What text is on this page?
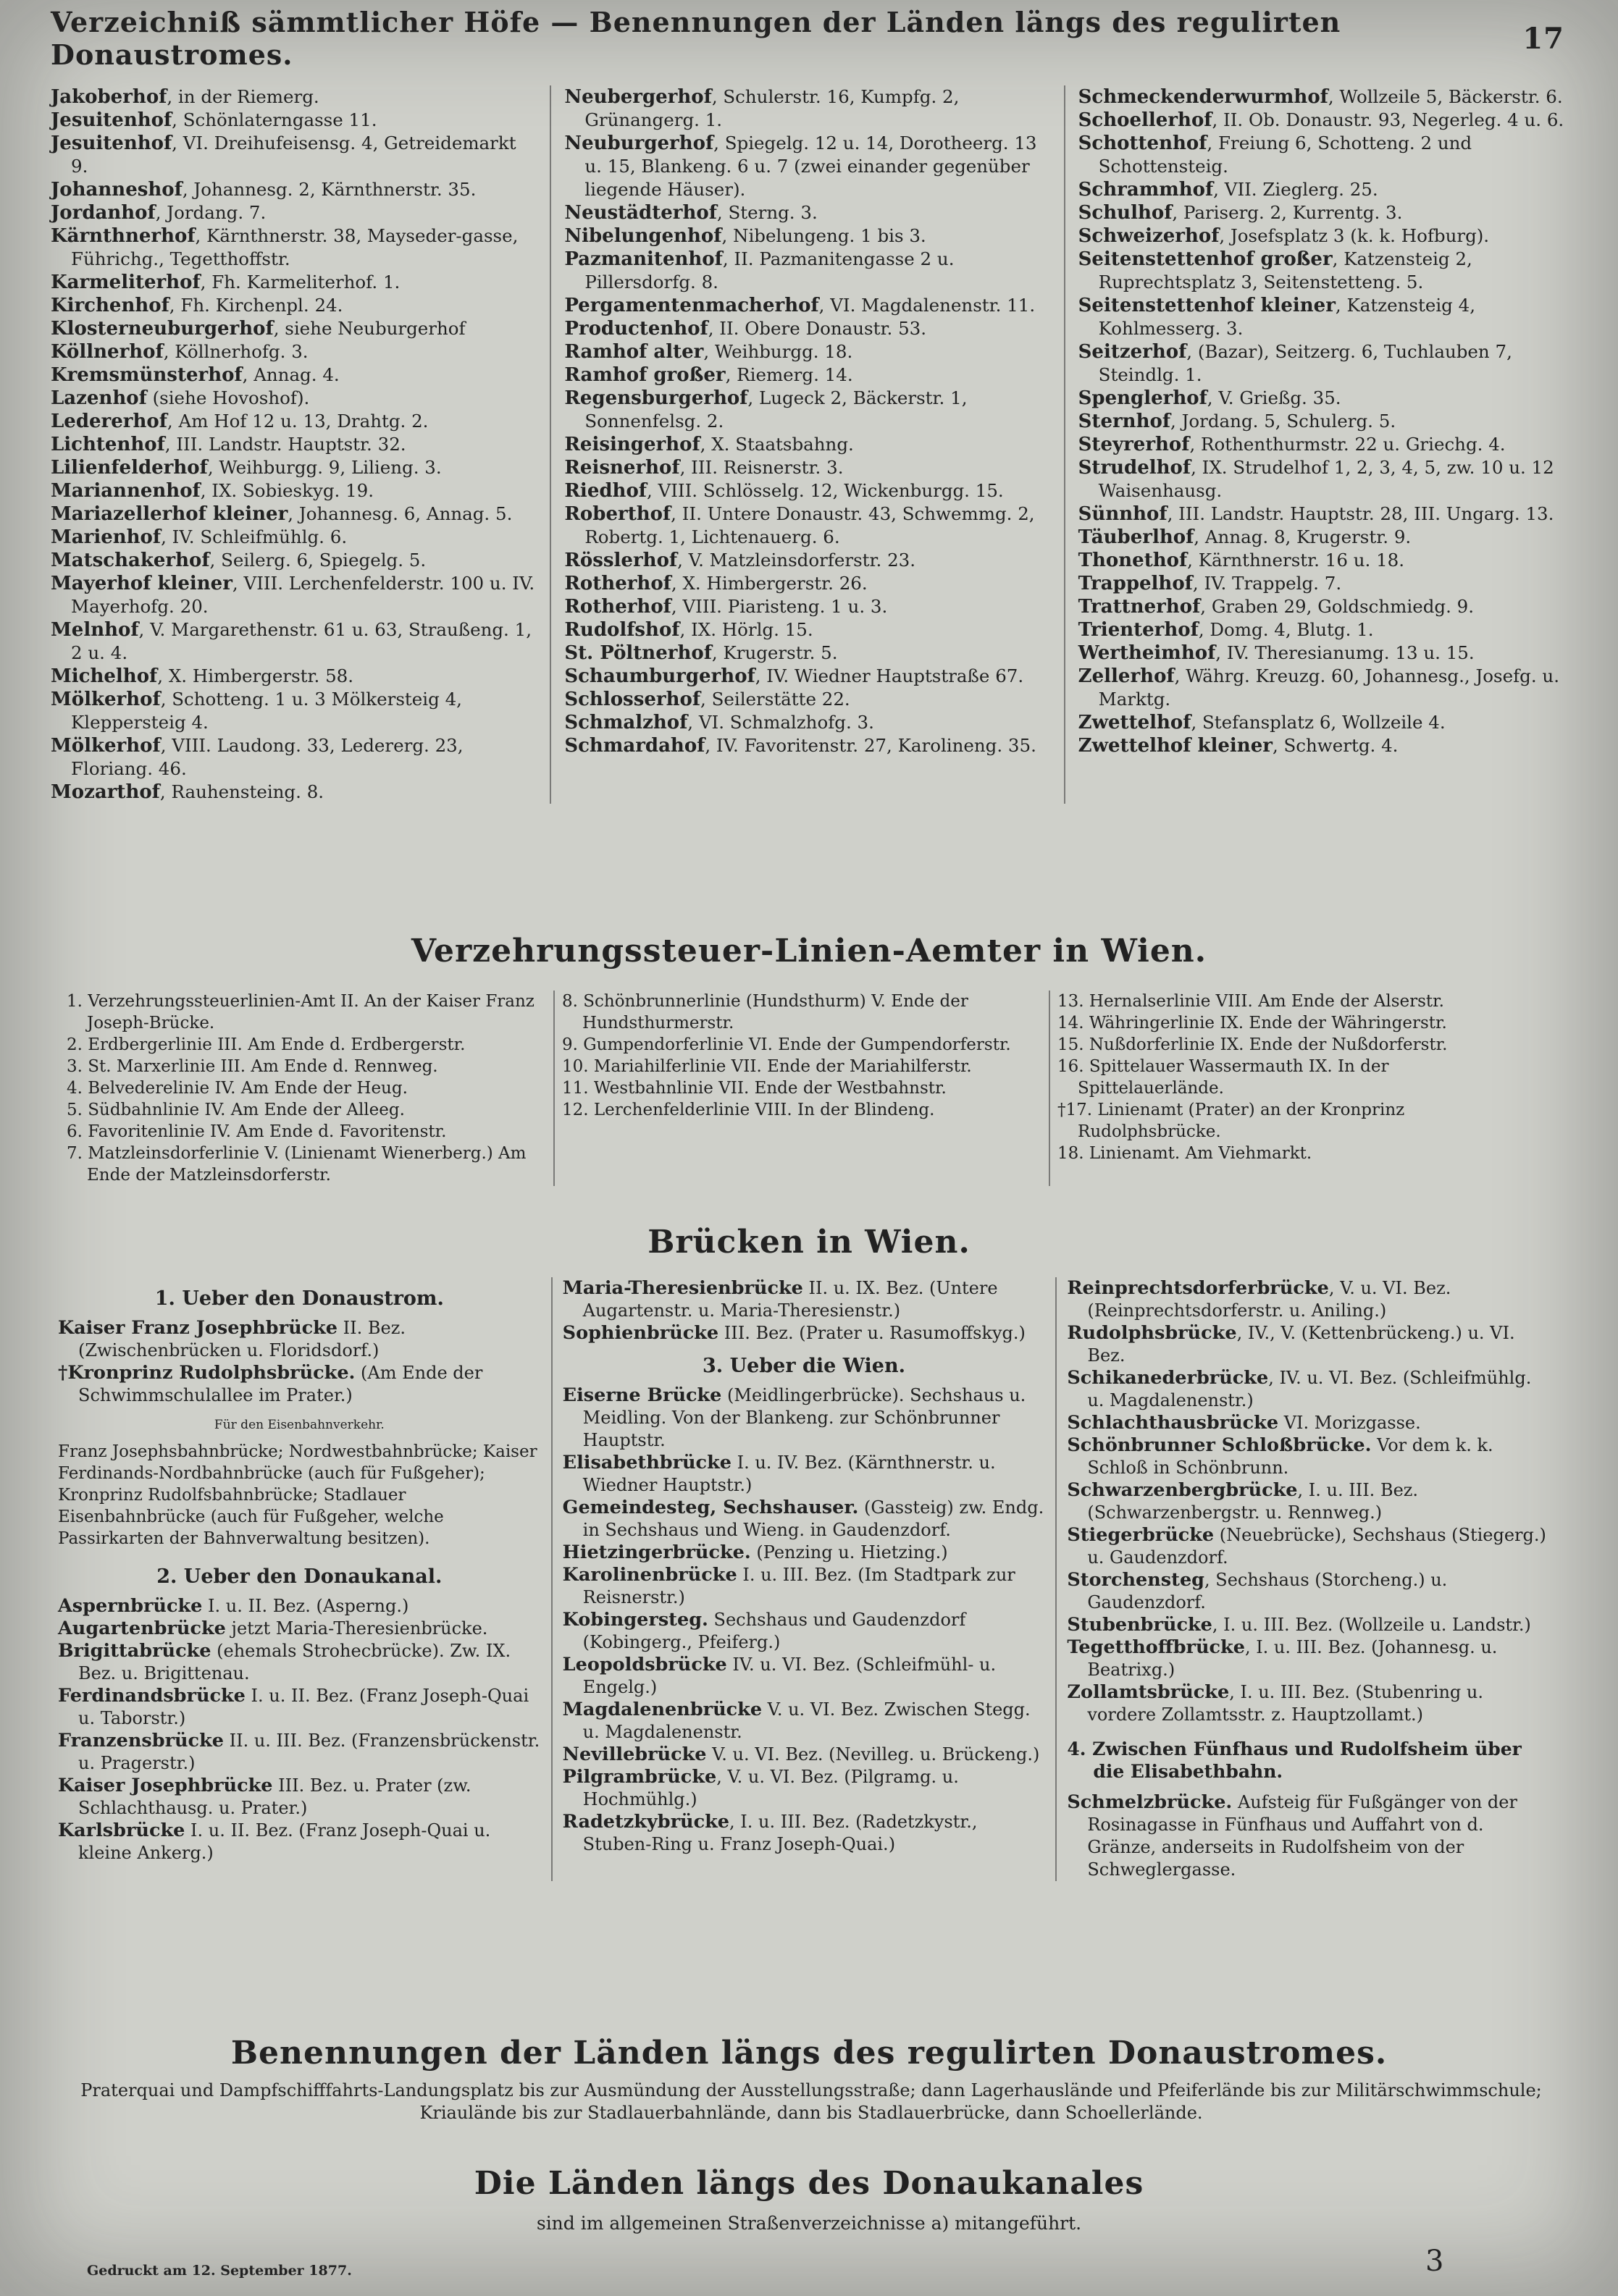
Verzeichniß sämmtlicher Höfe — Benennungen der Länden längs des regulirten Donaustromes.	17
Jakoberhof, in der Riemerg.
Jesuitenhof, Schönlaterngasse 11.
Jesuitenhof, VI. Dreihufeisensg. 4, Getreidemarkt 9.
Johanneshof, Johannesg. 2, Kärnthnerstr. 35.
Jordanhof, Jordang. 7.
Kärnthnerhof, Kärnthnerstr. 38, Mayseder-gasse, Führichg., Tegetthoffstr.
Karmeliterhof, Fh. Karmeliterhof. 1.
Kirchenhof, Fh. Kirchenpl. 24.
Klosterneuburgerhof, siehe Neuburgerhof
Köllnerhof, Köllnerhofg. 3.
Kremsmünsterhof, Annag. 4.
Lazenhof (siehe Hovoshof).
Ledererhof, Am Hof 12 u. 13, Drahtg. 2.
Lichtenhof, III. Landstr. Hauptstr. 32.
Lilienfelderhof, Weihburgg. 9, Lilieng. 3.
Mariannenhof, IX. Sobieskyg. 19.
Mariazellerhof kleiner, Johannesg. 6, Annag. 5.
Marienhof, IV. Schleifmühlg. 6.
Matschakerhof, Seilerg. 6, Spiegelg. 5.
Mayerhof kleiner, VIII. Lerchenfelderstr. 100 u. IV. Mayerhofg. 20.
Melnhof, V. Margarethenstr. 61 u. 63, Straußeng. 1, 2 u. 4.
Michelhof, X. Himbergerstr. 58.
Mölkerhof, Schotteng. 1 u. 3 Mölkersteig 4, Kleppersteig 4.
Mölkerhof, VIII. Laudong. 33, Ledererg. 23, Floriang. 46.
Mozarthof, Rauhensteing. 8.
Neubergerhof, Schulerstr. 16, Kumpfg. 2, Grünangerg. 1.
Neuburgerhof, Spiegelg. 12 u. 14, Dorotheerg. 13 u. 15, Blankeng. 6 u. 7 (zwei einander gegenüber liegende Häuser).
Neustädterhof, Sterng. 3.
Nibelungenhof, Nibelungeng. 1 bis 3.
Pazmanitenhof, II. Pazmanitengasse 2 u. Pillersdorfg. 8.
Pergamentenmacherhof, VI. Magdalenenstr. 11.
Productenhof, II. Obere Donaustr. 53.
Ramhof alter, Weihburgg. 18.
Ramhof großer, Riemerg. 14.
Regensburgerhof, Lugeck 2, Bäckerstr. 1, Sonnenfelsg. 2.
Reisingerhof, X. Staatsbahng.
Reisnerhof, III. Reisnerstr. 3.
Riedhof, VIII. Schlösselg. 12, Wickenburgg. 15.
Roberthof, II. Untere Donaustr. 43, Schwemmg. 2, Robertg. 1, Lichtenauerg. 6.
Rösslerhof, V. Matzleinsdorferstr. 23.
Rotherhof, X. Himbergerstr. 26.
Rotherhof, VIII. Piaristeng. 1 u. 3.
Rudolfshof, IX. Hörlg. 15.
St. Pöltnerhof, Krugerstr. 5.
Schaumburgerhof, IV. Wiedner Hauptstraße 67.
Schlosserhof, Seilerstätte 22.
Schmalzhof, VI. Schmalzhofg. 3.
Schmardahof, IV. Favoritenstr. 27, Karolineng. 35.
Schmeckenderwurmhof, Wollzeile 5, Bäckerstr. 6.
Schoellerhof, II. Ob. Donaustr. 93, Negerleg. 4 u. 6.
Schottenhof, Freiung 6, Schotteng. 2 und Schottensteig.
Schrammhof, VII. Zieglerg. 25.
Schulhof, Pariserg. 2, Kurrentg. 3.
Schweizerhof, Josefsplatz 3 (k. k. Hofburg).
Seitenstettenhof großer, Katzensteig 2, Ruprechtsplatz 3, Seitenstetteng. 5.
Seitenstettenhof kleiner, Katzensteig 4, Kohlmesserg. 3.
Seitzerhof, (Bazar), Seitzerg. 6, Tuchlauben 7, Steindlg. 1.
Spenglerhof, V. Grießg. 35.
Sternhof, Jordang. 5, Schulerg. 5.
Steyrerhof, Rothenthurmstr. 22 u. Griechg. 4.
Strudelhof, IX. Strudelhof 1, 2, 3, 4, 5, zw. 10 u. 12 Waisenhausg.
Sünnhof, III. Landstr. Hauptstr. 28, III. Ungarg. 13.
Täuberlhof, Annag. 8, Krugerstr. 9.
Thonethof, Kärnthnerstr. 16 u. 18.
Trappelhof, IV. Trappelg. 7.
Trattnerhof, Graben 29, Goldschmiedg. 9.
Trienterhof, Domg. 4, Blutg. 1.
Wertheimhof, IV. Theresianumg. 13 u. 15.
Zellerhof, Währg. Kreuzg. 60, Johannesg., Josefg. u. Marktg.
Zwettelhof, Stefansplatz 6, Wollzeile 4.
Zwettelhof kleiner, Schwertg. 4.
Verzehrungssteuer-Linien-Aemter in Wien.
1. Verzehrungssteuerlinien-Amt II. An der Kaiser Franz Joseph-Brücke.
2. Erdbergerlinie III. Am Ende d. Erdbergerstr.
3. St. Marxerlinie III. Am Ende d. Rennweg.
4. Belvederelinie IV. Am Ende der Heug.
5. Südbahnlinie IV. Am Ende der Alleeg.
6. Favoritenlinie IV. Am Ende d. Favoritenstr.
7. Matzleinsdorferlinie V. (Linienamt Wienerberg.) Am Ende der Matzleinsdorferstr.
8. Schönbrunnerlinie (Hundsthurm) V. Ende der Hundsthurmerstr.
9. Gumpendorferlinie VI. Ende der Gumpendorferstr.
10. Mariahilferlinie VII. Ende der Mariahilferstr.
11. Westbahnlinie VII. Ende der Westbahnstr.
12. Lerchenfelderlinie VIII. In der Blindeng.
13. Hernalserlinie VIII. Am Ende der Alserstr.
14. Währingerlinie IX. Ende der Währingerstr.
15. Nußdorferlinie IX. Ende der Nußdorferstr.
16. Spittelauer Wassermauth IX. In der Spittelauerlände.
†17. Linienamt (Prater) an der Kronprinz Rudolphsbrücke.
18. Linienamt. Am Viehmarkt.
Brücken in Wien.
1. Ueber den Donaustrom.
Kaiser Franz Josephbrücke II. Bez. (Zwischenbrücken u. Floridsdorf.)
†Kronprinz Rudolphsbrücke. (Am Ende der Schwimmschulallee im Prater.)
Für den Eisenbahnverkehr.
Franz Josephsbahnbrücke; Nordwestbahnbrücke; Kaiser Ferdinands-Nordbahnbrücke (auch für Fußgeher); Kronprinz Rudolfsbahnbrücke; Stadlauer Eisenbahnbrücke (auch für Fußgeher, welche Passirkarten der Bahnverwaltung besitzen).
2. Ueber den Donaukanal.
Aspernbrücke I. u. II. Bez. (Asperng.)
Augartenbrücke jetzt Maria-Theresienbrücke.
Brigittabrücke (ehemals Strohecbrücke). Zw. IX. Bez. u. Brigittenau.
Ferdinandsbrücke I. u. II. Bez. (Franz Joseph-Quai u. Taborstr.)
Franzensbrücke II. u. III. Bez. (Franzensbrückenstr. u. Pragerstr.)
Kaiser Josephbrücke III. Bez. u. Prater (zw. Schlachthausg. u. Prater.)
Karlsbrücke I. u. II. Bez. (Franz Joseph-Quai u. kleine Ankerg.)
Maria-Theresienbrücke II. u. IX. Bez. (Untere Augartenstr. u. Maria-Theresienstr.)
Sophienbrücke III. Bez. (Prater u. Rasumoffskyg.)
3. Ueber die Wien.
Eiserne Brücke (Meidlingerbrücke). Sechshaus u. Meidling. Von der Blankeng. zur Schönbrunner Hauptstr.
Elisabethbrücke I. u. IV. Bez. (Kärnthnerstr. u. Wiedner Hauptstr.)
Gemeindesteg, Sechshauser. (Gassteig) zw. Endg. in Sechshaus und Wieng. in Gaudenzdorf.
Hietzingerbrücke. (Penzing u. Hietzing.)
Karolinenbrücke I. u. III. Bez. (Im Stadtpark zur Reisnerstr.)
Kobingersteg. Sechshaus und Gaudenzdorf (Kobingerg., Pfeiferg.)
Leopoldsbrücke IV. u. VI. Bez. (Schleifmühl- u. Engelg.)
Magdalenenbrücke V. u. VI. Bez. Zwischen Stegg. u. Magdalenenstr.
Nevillebrücke V. u. VI. Bez. (Nevilleg. u. Brückeng.)
Pilgrambrücke, V. u. VI. Bez. (Pilgramg. u. Hochmühlg.)
Radetzkybrücke, I. u. III. Bez. (Radetzkystr., Stuben-Ring u. Franz Joseph-Quai.)
Reinprechtsdorferbrücke, V. u. VI. Bez. (Reinprechtsdorferstr. u. Aniling.)
Rudolphsbrücke, IV., V. (Kettenbrückeng.) u. VI. Bez.
Schikanederbrücke, IV. u. VI. Bez. (Schleifmühlg. u. Magdalenenstr.)
Schlachthausbrücke VI. Morizgasse.
Schönbrunner Schloßbrücke. Vor dem k. k. Schloß in Schönbrunn.
Schwarzenbergbrücke, I. u. III. Bez. (Schwarzenbergstr. u. Rennweg.)
Stiegerbrücke (Neuebrücke), Sechshaus (Stiegerg.) u. Gaudenzdorf.
Storchensteg, Sechshaus (Storcheng.) u. Gaudenzdorf.
Stubenbrücke, I. u. III. Bez. (Wollzeile u. Landstr.)
Tegetthoffbrücke, I. u. III. Bez. (Johannesg. u. Beatrixg.)
Zollamtsbrücke, I. u. III. Bez. (Stubenring u. vordere Zollamtsstr. z. Hauptzollamt.)
4. Zwischen Fünfhaus und Rudolfsheim über die Elisabethbahn.
Schmelzbrücke. Aufsteig für Fußgänger von der Rosinagasse in Fünfhaus und Auffahrt von d. Gränze, anderseits in Rudolfsheim von der Schweglergasse.
Benennungen der Länden längs des regulirten Donaustromes.
Praterquai und Dampfschifffahrts-Landungsplatz bis zur Ausmündung der Ausstellungsstraße; dann Lagerhauslände und Pfeiferlände bis zur Militärschwimmschule; Kriaulände bis zur Stadlauerbahnlände, dann bis Stadlauerbrücke, dann Schoellerlände.
Die Länden längs des Donaukanales
sind im allgemeinen Straßenverzeichnisse a) mitangeführt.
Gedruckt am 12. September 1877.	3
